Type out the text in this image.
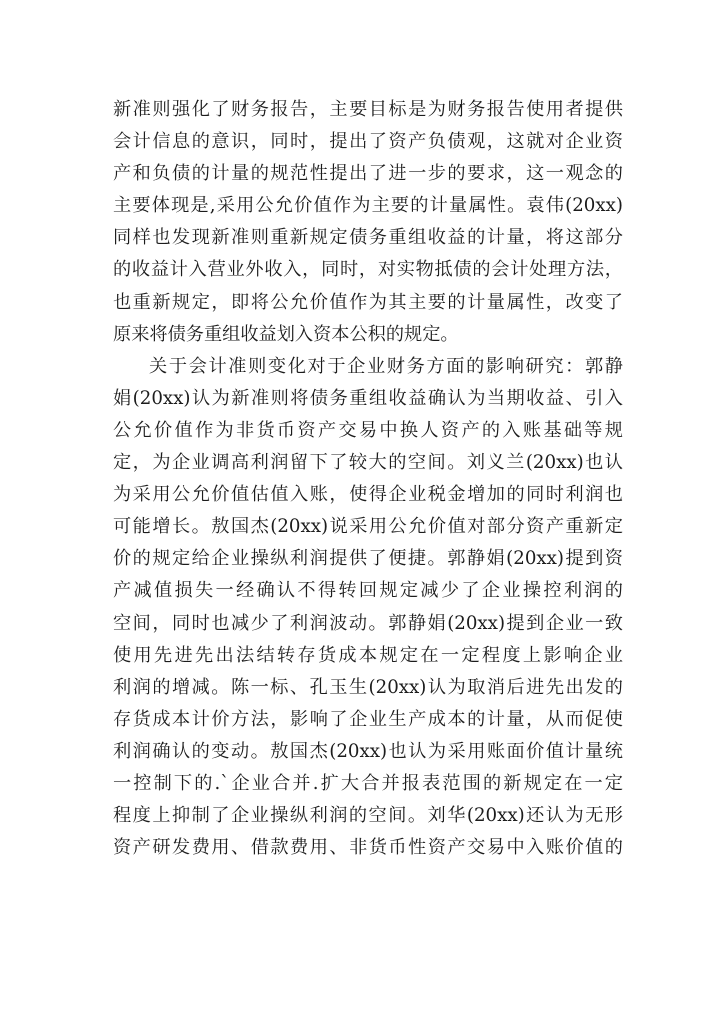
新准则强化了财务报告，主要目标是为财务报告使用者提供
会计信息的意识，同时，提出了资产负债观，这就对企业资
产和负债的计量的规范性提出了进一步的要求，这一观念的
主要体现是,采用公允价值作为主要的计量属性。袁伟(20xx)
同样也发现新准则重新规定债务重组收益的计量，将这部分
的收益计入营业外收入，同时，对实物抵债的会计处理方法，
也重新规定，即将公允价值作为其主要的计量属性，改变了
原来将债务重组收益划入资本公积的规定。
关于会计准则变化对于企业财务方面的影响研究：郭静
娟(20xx)认为新准则将债务重组收益确认为当期收益、引入
公允价值作为非货币资产交易中换人资产的入账基础等规
定，为企业调高利润留下了较大的空间。刘义兰(20xx)也认
为采用公允价值估值入账，使得企业税金增加的同时利润也
可能增长。敖国杰(20xx)说采用公允价值对部分资产重新定
价的规定给企业操纵利润提供了便捷。郭静娟(20xx)提到资
产减值损失一经确认不得转回规定减少了企业操控利润的
空间，同时也减少了利润波动。郭静娟(20xx)提到企业一致
使用先进先出法结转存货成本规定在一定程度上影响企业
利润的增减。陈一标、孔玉生(20xx)认为取消后进先出发的
存货成本计价方法，影响了企业生产成本的计量，从而促使
利润确认的变动。敖国杰(20xx)也认为采用账面价值计量统
一控制下的.`企业合并.扩大合并报表范围的新规定在一定
程度上抑制了企业操纵利润的空间。刘华(20xx)还认为无形
资产研发费用、借款费用、非货币性资产交易中入账价值的
